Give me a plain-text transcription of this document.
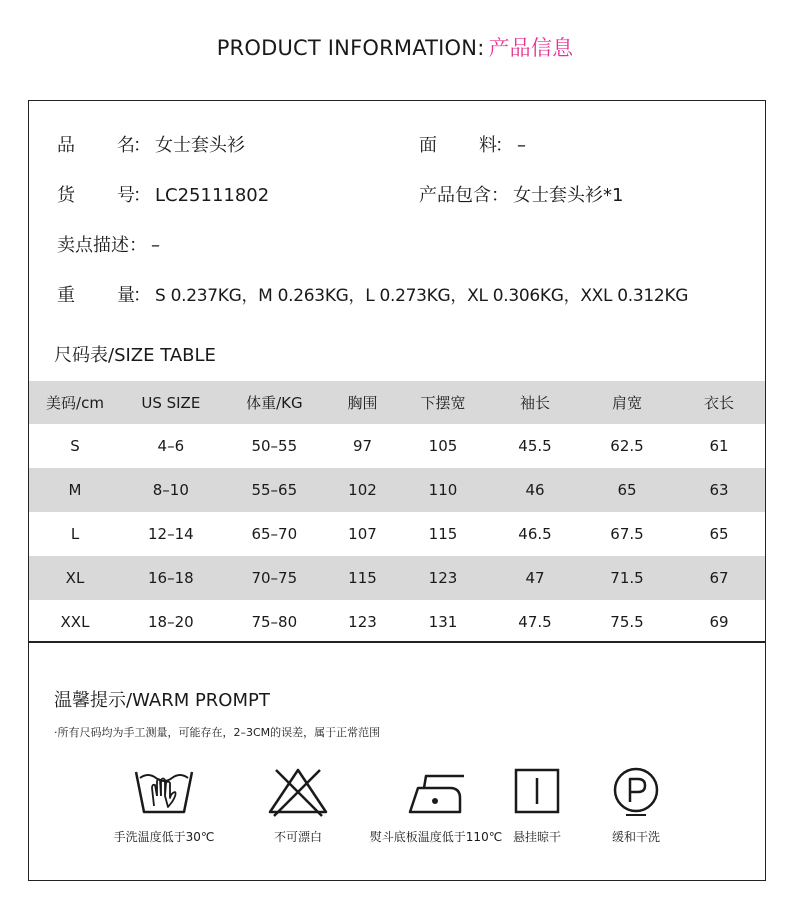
PRODUCT INFORMATION: 产品信息
品 名： 女士套头衫	面 料： –
货 号： LC25111802	产品包含： 女士套头衫*1
卖点描述： –
重 量： S 0.237KG，M 0.263KG，L 0.273KG，XL 0.306KG，XXL 0.312KG
尺码表/SIZE TABLE
美码/cm	US SIZE	体重/KG	胸围	下摆宽	袖长	肩宽	衣长
S	4–6	50–55	97	105	45.5	62.5	61
M	8–10	55–65	102	110	46	65	63
L	12–14	65–70	107	115	46.5	67.5	65
XL	16–18	70–75	115	123	47	71.5	67
XXL	18–20	75–80	123	131	47.5	75.5	69
温馨提示/WARM PROMPT
·所有尺码均为手工测量，可能存在，2–3CM的误差，属于正常范围
手洗温度低于30℃	不可漂白	熨斗底板温度低于110℃ 悬挂晾干	缓和干洗
